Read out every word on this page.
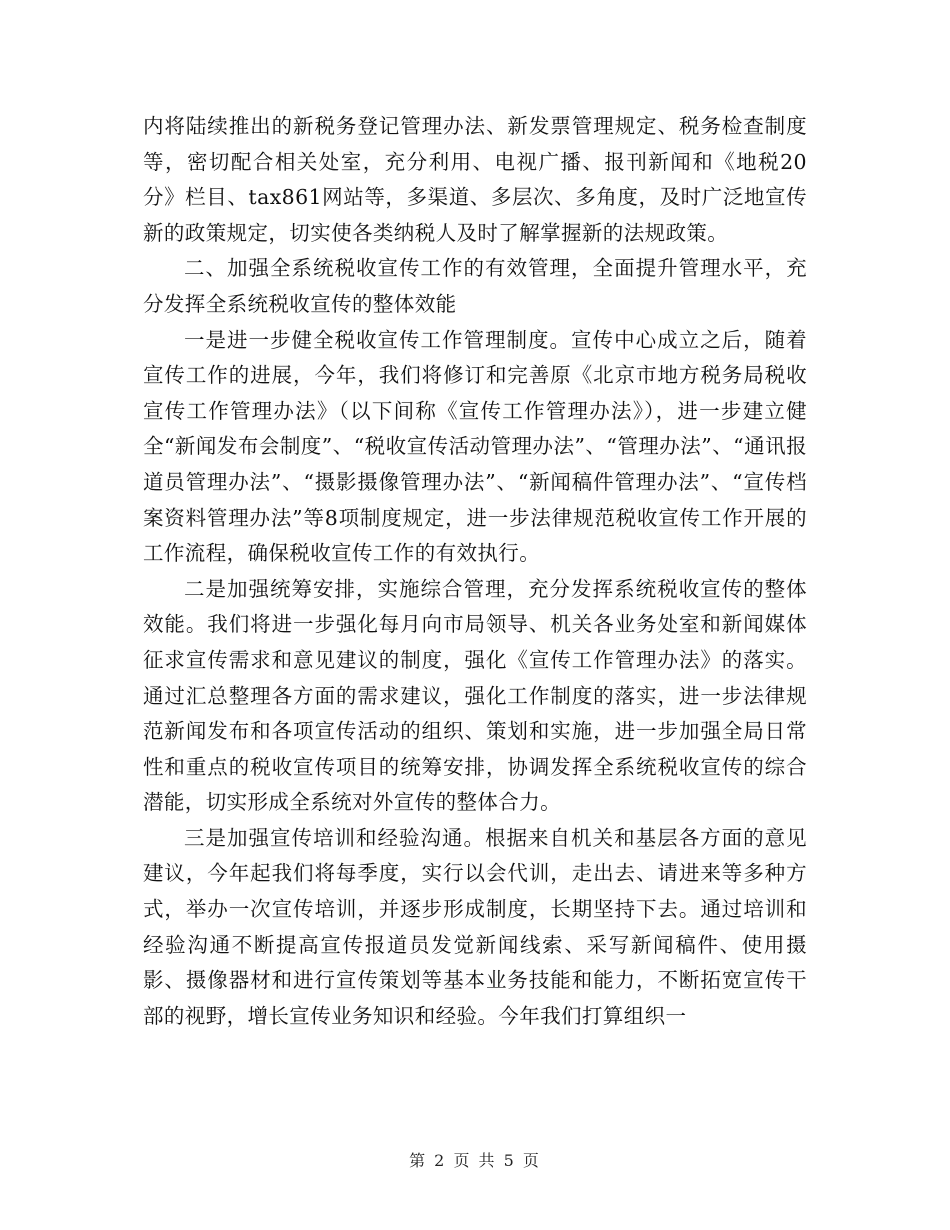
内将陆续推出的新税务登记管理办法、新发票管理规定、税务检查制度等，密切配合相关处室，充分利用、电视广播、报刊新闻和《地税20分》栏目、tax861网站等，多渠道、多层次、多角度，及时广泛地宣传新的政策规定，切实使各类纳税人及时了解掌握新的法规政策。

二、加强全系统税收宣传工作的有效管理，全面提升管理水平，充分发挥全系统税收宣传的整体效能

一是进一步健全税收宣传工作管理制度。宣传中心成立之后，随着宣传工作的进展，今年，我们将修订和完善原《北京市地方税务局税收宣传工作管理办法》（以下间称《宣传工作管理办法》），进一步建立健全“新闻发布会制度”、“税收宣传活动管理办法”、“管理办法”、“通讯报道员管理办法”、“摄影摄像管理办法”、“新闻稿件管理办法”、“宣传档案资料管理办法”等8项制度规定，进一步法律规范税收宣传工作开展的工作流程，确保税收宣传工作的有效执行。

二是加强统筹安排，实施综合管理，充分发挥系统税收宣传的整体效能。我们将进一步强化每月向市局领导、机关各业务处室和新闻媒体征求宣传需求和意见建议的制度，强化《宣传工作管理办法》的落实。通过汇总整理各方面的需求建议，强化工作制度的落实，进一步法律规范新闻发布和各项宣传活动的组织、策划和实施，进一步加强全局日常性和重点的税收宣传项目的统筹安排，协调发挥全系统税收宣传的综合潜能，切实形成全系统对外宣传的整体合力。

三是加强宣传培训和经验沟通。根据来自机关和基层各方面的意见建议，今年起我们将每季度，实行以会代训，走出去、请进来等多种方式，举办一次宣传培训，并逐步形成制度，长期坚持下去。通过培训和经验沟通不断提高宣传报道员发觉新闻线索、采写新闻稿件、使用摄影、摄像器材和进行宣传策划等基本业务技能和能力，不断拓宽宣传干部的视野，增长宣传业务知识和经验。今年我们打算组织一

第 2 页 共 5 页
